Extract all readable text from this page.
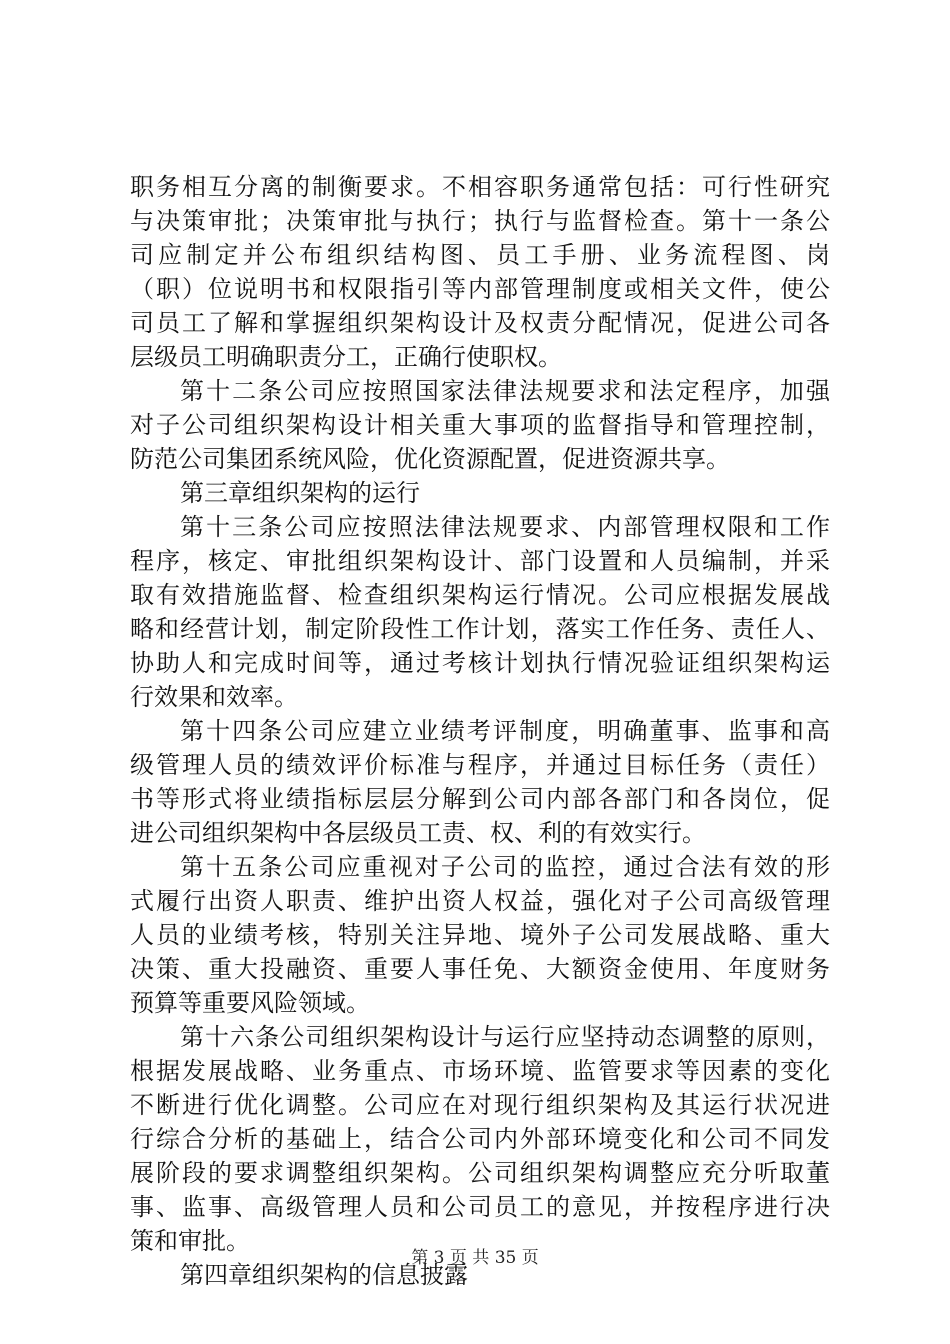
职务相互分离的制衡要求。不相容职务通常包括：可行性研究
与决策审批；决策审批与执行；执行与监督检查。第十一条公
司应制定并公布组织结构图、员工手册、业务流程图、岗
（职）位说明书和权限指引等内部管理制度或相关文件，使公
司员工了解和掌握组织架构设计及权责分配情况，促进公司各
层级员工明确职责分工，正确行使职权。
第十二条公司应按照国家法律法规要求和法定程序，加强
对子公司组织架构设计相关重大事项的监督指导和管理控制，
防范公司集团系统风险，优化资源配置，促进资源共享。
第三章组织架构的运行
第十三条公司应按照法律法规要求、内部管理权限和工作
程序，核定、审批组织架构设计、部门设置和人员编制，并采
取有效措施监督、检查组织架构运行情况。公司应根据发展战
略和经营计划，制定阶段性工作计划，落实工作任务、责任人、
协助人和完成时间等，通过考核计划执行情况验证组织架构运
行效果和效率。
第十四条公司应建立业绩考评制度，明确董事、监事和高
级管理人员的绩效评价标准与程序，并通过目标任务（责任）
书等形式将业绩指标层层分解到公司内部各部门和各岗位，促
进公司组织架构中各层级员工责、权、利的有效实行。
第十五条公司应重视对子公司的监控，通过合法有效的形
式履行出资人职责、维护出资人权益，强化对子公司高级管理
人员的业绩考核，特别关注异地、境外子公司发展战略、重大
决策、重大投融资、重要人事任免、大额资金使用、年度财务
预算等重要风险领域。
第十六条公司组织架构设计与运行应坚持动态调整的原则，
根据发展战略、业务重点、市场环境、监管要求等因素的变化
不断进行优化调整。公司应在对现行组织架构及其运行状况进
行综合分析的基础上，结合公司内外部环境变化和公司不同发
展阶段的要求调整组织架构。公司组织架构调整应充分听取董
事、监事、高级管理人员和公司员工的意见，并按程序进行决
策和审批。
第四章组织架构的信息披露
第 3 页 共 35 页
